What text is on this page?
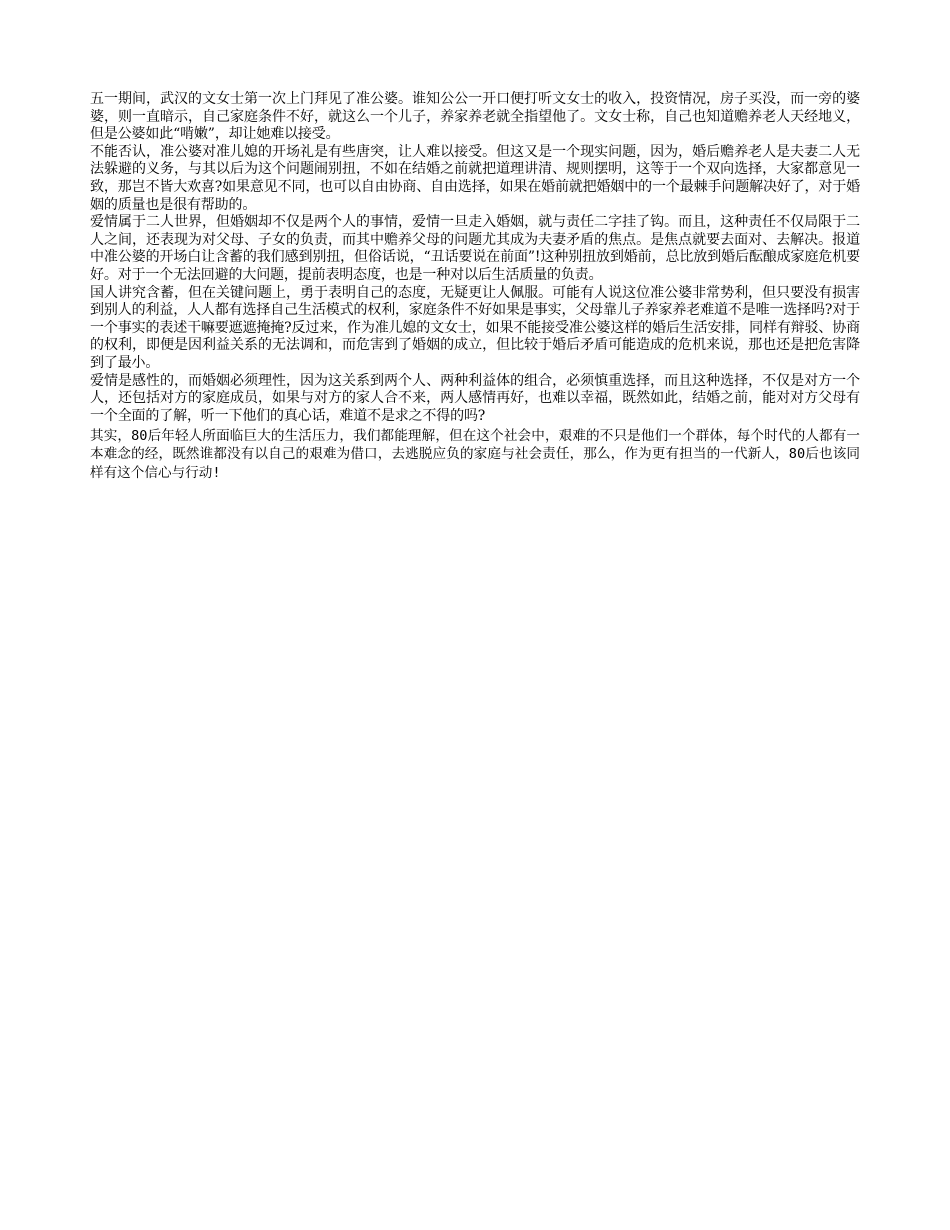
五一期间，武汉的文女士第一次上门拜见了准公婆。谁知公公一开口便打听文女士的收入，投资情况，房子买没，而一旁的婆婆，则一直暗示，自己家庭条件不好，就这么一个儿子，养家养老就全指望他了。文女士称，自己也知道赡养老人天经地义，但是公婆如此“啃嫩”，却让她难以接受。

不能否认，准公婆对准儿媳的开场礼是有些唐突，让人难以接受。但这又是一个现实问题，因为，婚后赡养老人是夫妻二人无法躲避的义务，与其以后为这个问题闹别扭，不如在结婚之前就把道理讲清、规则摆明，这等于一个双向选择，大家都意见一致，那岂不皆大欢喜?如果意见不同，也可以自由协商、自由选择，如果在婚前就把婚姻中的一个最棘手问题解决好了，对于婚姻的质量也是很有帮助的。

爱情属于二人世界，但婚姻却不仅是两个人的事情，爱情一旦走入婚姻，就与责任二字挂了钩。而且，这种责任不仅局限于二人之间，还表现为对父母、子女的负责，而其中赡养父母的问题尤其成为夫妻矛盾的焦点。是焦点就要去面对、去解决。报道中准公婆的开场白让含蓄的我们感到别扭，但俗话说，“丑话要说在前面”!这种别扭放到婚前，总比放到婚后酝酿成家庭危机要好。对于一个无法回避的大问题，提前表明态度，也是一种对以后生活质量的负责。

国人讲究含蓄，但在关键问题上，勇于表明自己的态度，无疑更让人佩服。可能有人说这位准公婆非常势利，但只要没有损害到别人的利益，人人都有选择自己生活模式的权利，家庭条件不好如果是事实，父母靠儿子养家养老难道不是唯一选择吗?对于一个事实的表述干嘛要遮遮掩掩?反过来，作为准儿媳的文女士，如果不能接受准公婆这样的婚后生活安排，同样有辩驳、协商的权利，即便是因利益关系的无法调和，而危害到了婚姻的成立，但比较于婚后矛盾可能造成的危机来说，那也还是把危害降到了最小。

爱情是感性的，而婚姻必须理性，因为这关系到两个人、两种利益体的组合，必须慎重选择，而且这种选择，不仅是对方一个人，还包括对方的家庭成员，如果与对方的家人合不来，两人感情再好，也难以幸福，既然如此，结婚之前，能对对方父母有一个全面的了解，听一下他们的真心话，难道不是求之不得的吗?

其实，80后年轻人所面临巨大的生活压力，我们都能理解，但在这个社会中，艰难的不只是他们一个群体，每个时代的人都有一本难念的经，既然谁都没有以自己的艰难为借口，去逃脱应负的家庭与社会责任，那么，作为更有担当的一代新人，80后也该同样有这个信心与行动!
